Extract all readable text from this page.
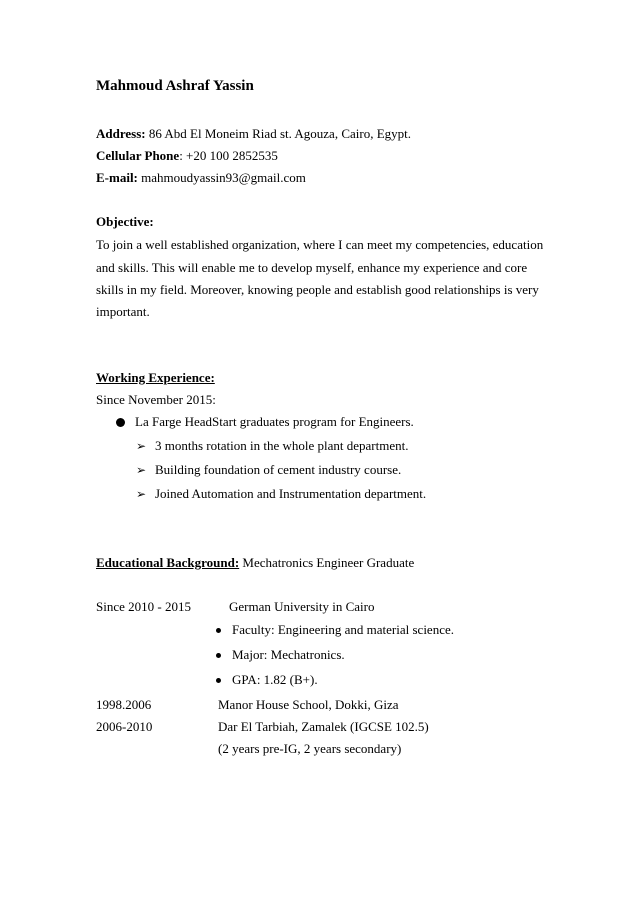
Mahmoud Ashraf Yassin
Address: 86 Abd El Moneim Riad st. Agouza, Cairo, Egypt.
Cellular Phone: +20 100 2852535
E-mail: mahmoudyassin93@gmail.com
Objective:
To join a well established organization, where I can meet my competencies, education
and skills. This will enable me to develop myself, enhance my experience and core
skills in my field. Moreover, knowing people and establish good relationships is very
important.
Working Experience:
Since November 2015:
La Farge HeadStart graduates program for Engineers.
➢ 3 months rotation in the whole plant department.
➢ Building foundation of cement industry course.
➢ Joined Automation and Instrumentation department.
Educational Background: Mechatronics Engineer Graduate
Since 2010 - 2015	German University in Cairo
Faculty: Engineering and material science.
Major: Mechatronics.
GPA: 1.82 (B+).
1998.2006	Manor House School, Dokki, Giza
2006-2010	Dar El Tarbiah, Zamalek (IGCSE 102.5)
(2 years pre-IG, 2 years secondary)
